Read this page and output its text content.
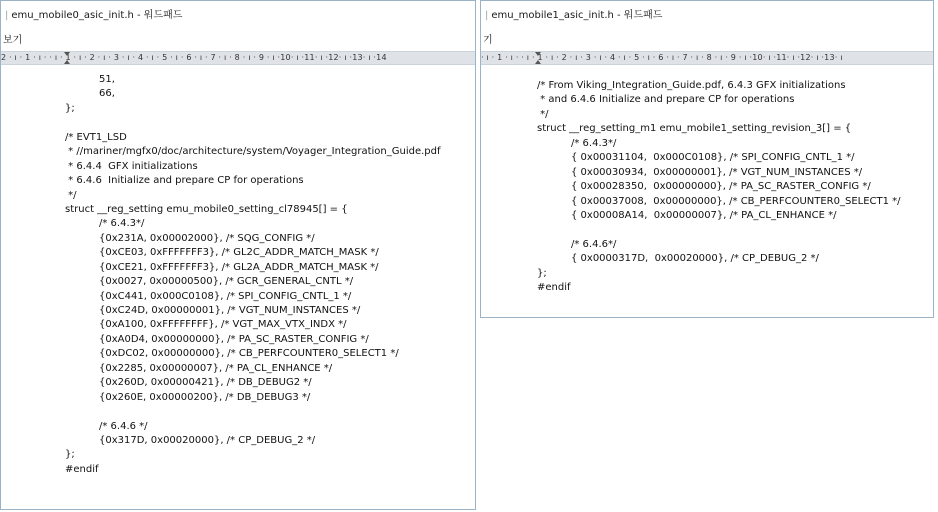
| emu_mobile0_asic_init.h - 워드패드
보기
2 · ı · 1 · ı · · ı · 1 · ı · 2 · ı · 3 · ı · 4 · ı · 5 · ı · 6 · ı · 7 · ı · 8 · ı · 9 · ı ·10· ı ·11· ı ·12· ı ·13· ı ·14
51,
66,
};
/* EVT1_LSD
* //mariner/mgfx0/doc/architecture/system/Voyager_Integration_Guide.pdf
* 6.4.4  GFX initializations
* 6.4.6  Initialize and prepare CP for operations
*/
struct __reg_setting emu_mobile0_setting_cl78945[] = {
/* 6.4.3*/
{0x231A, 0x00002000}, /* SQG_CONFIG */
{0xCE03, 0xFFFFFFF3}, /* GL2C_ADDR_MATCH_MASK */
{0xCE21, 0xFFFFFFF3}, /* GL2A_ADDR_MATCH_MASK */
{0x0027, 0x00000500}, /* GCR_GENERAL_CNTL */
{0xC441, 0x000C0108}, /* SPI_CONFIG_CNTL_1 */
{0xC24D, 0x00000001}, /* VGT_NUM_INSTANCES */
{0xA100, 0xFFFFFFFF}, /* VGT_MAX_VTX_INDX */
{0xA0D4, 0x00000000}, /* PA_SC_RASTER_CONFIG */
{0xDC02, 0x00000000}, /* CB_PERFCOUNTER0_SELECT1 */
{0x2285, 0x00000007}, /* PA_CL_ENHANCE */
{0x260D, 0x00000421}, /* DB_DEBUG2 */
{0x260E, 0x00000200}, /* DB_DEBUG3 */
/* 6.4.6 */
{0x317D, 0x00020000}, /* CP_DEBUG_2 */
};
#endif
| emu_mobile1_asic_init.h - 워드패드
기
· ı · 1 · ı · · ı · 1 · ı · 2 · ı · 3 · ı · 4 · ı · 5 · ı · 6 · ı · 7 · ı · 8 · ı · 9 · ı ·10· ı ·11· ı ·12· ı ·13· ı
/* From Viking_Integration_Guide.pdf, 6.4.3 GFX initializations
* and 6.4.6 Initialize and prepare CP for operations
*/
struct __reg_setting_m1 emu_mobile1_setting_revision_3[] = {
/* 6.4.3*/
{ 0x00031104,  0x000C0108}, /* SPI_CONFIG_CNTL_1 */
{ 0x00030934,  0x00000001}, /* VGT_NUM_INSTANCES */
{ 0x00028350,  0x00000000}, /* PA_SC_RASTER_CONFIG */
{ 0x00037008,  0x00000000}, /* CB_PERFCOUNTER0_SELECT1 */
{ 0x00008A14,  0x00000007}, /* PA_CL_ENHANCE */
/* 6.4.6*/
{ 0x0000317D,  0x00020000}, /* CP_DEBUG_2 */
};
#endif
